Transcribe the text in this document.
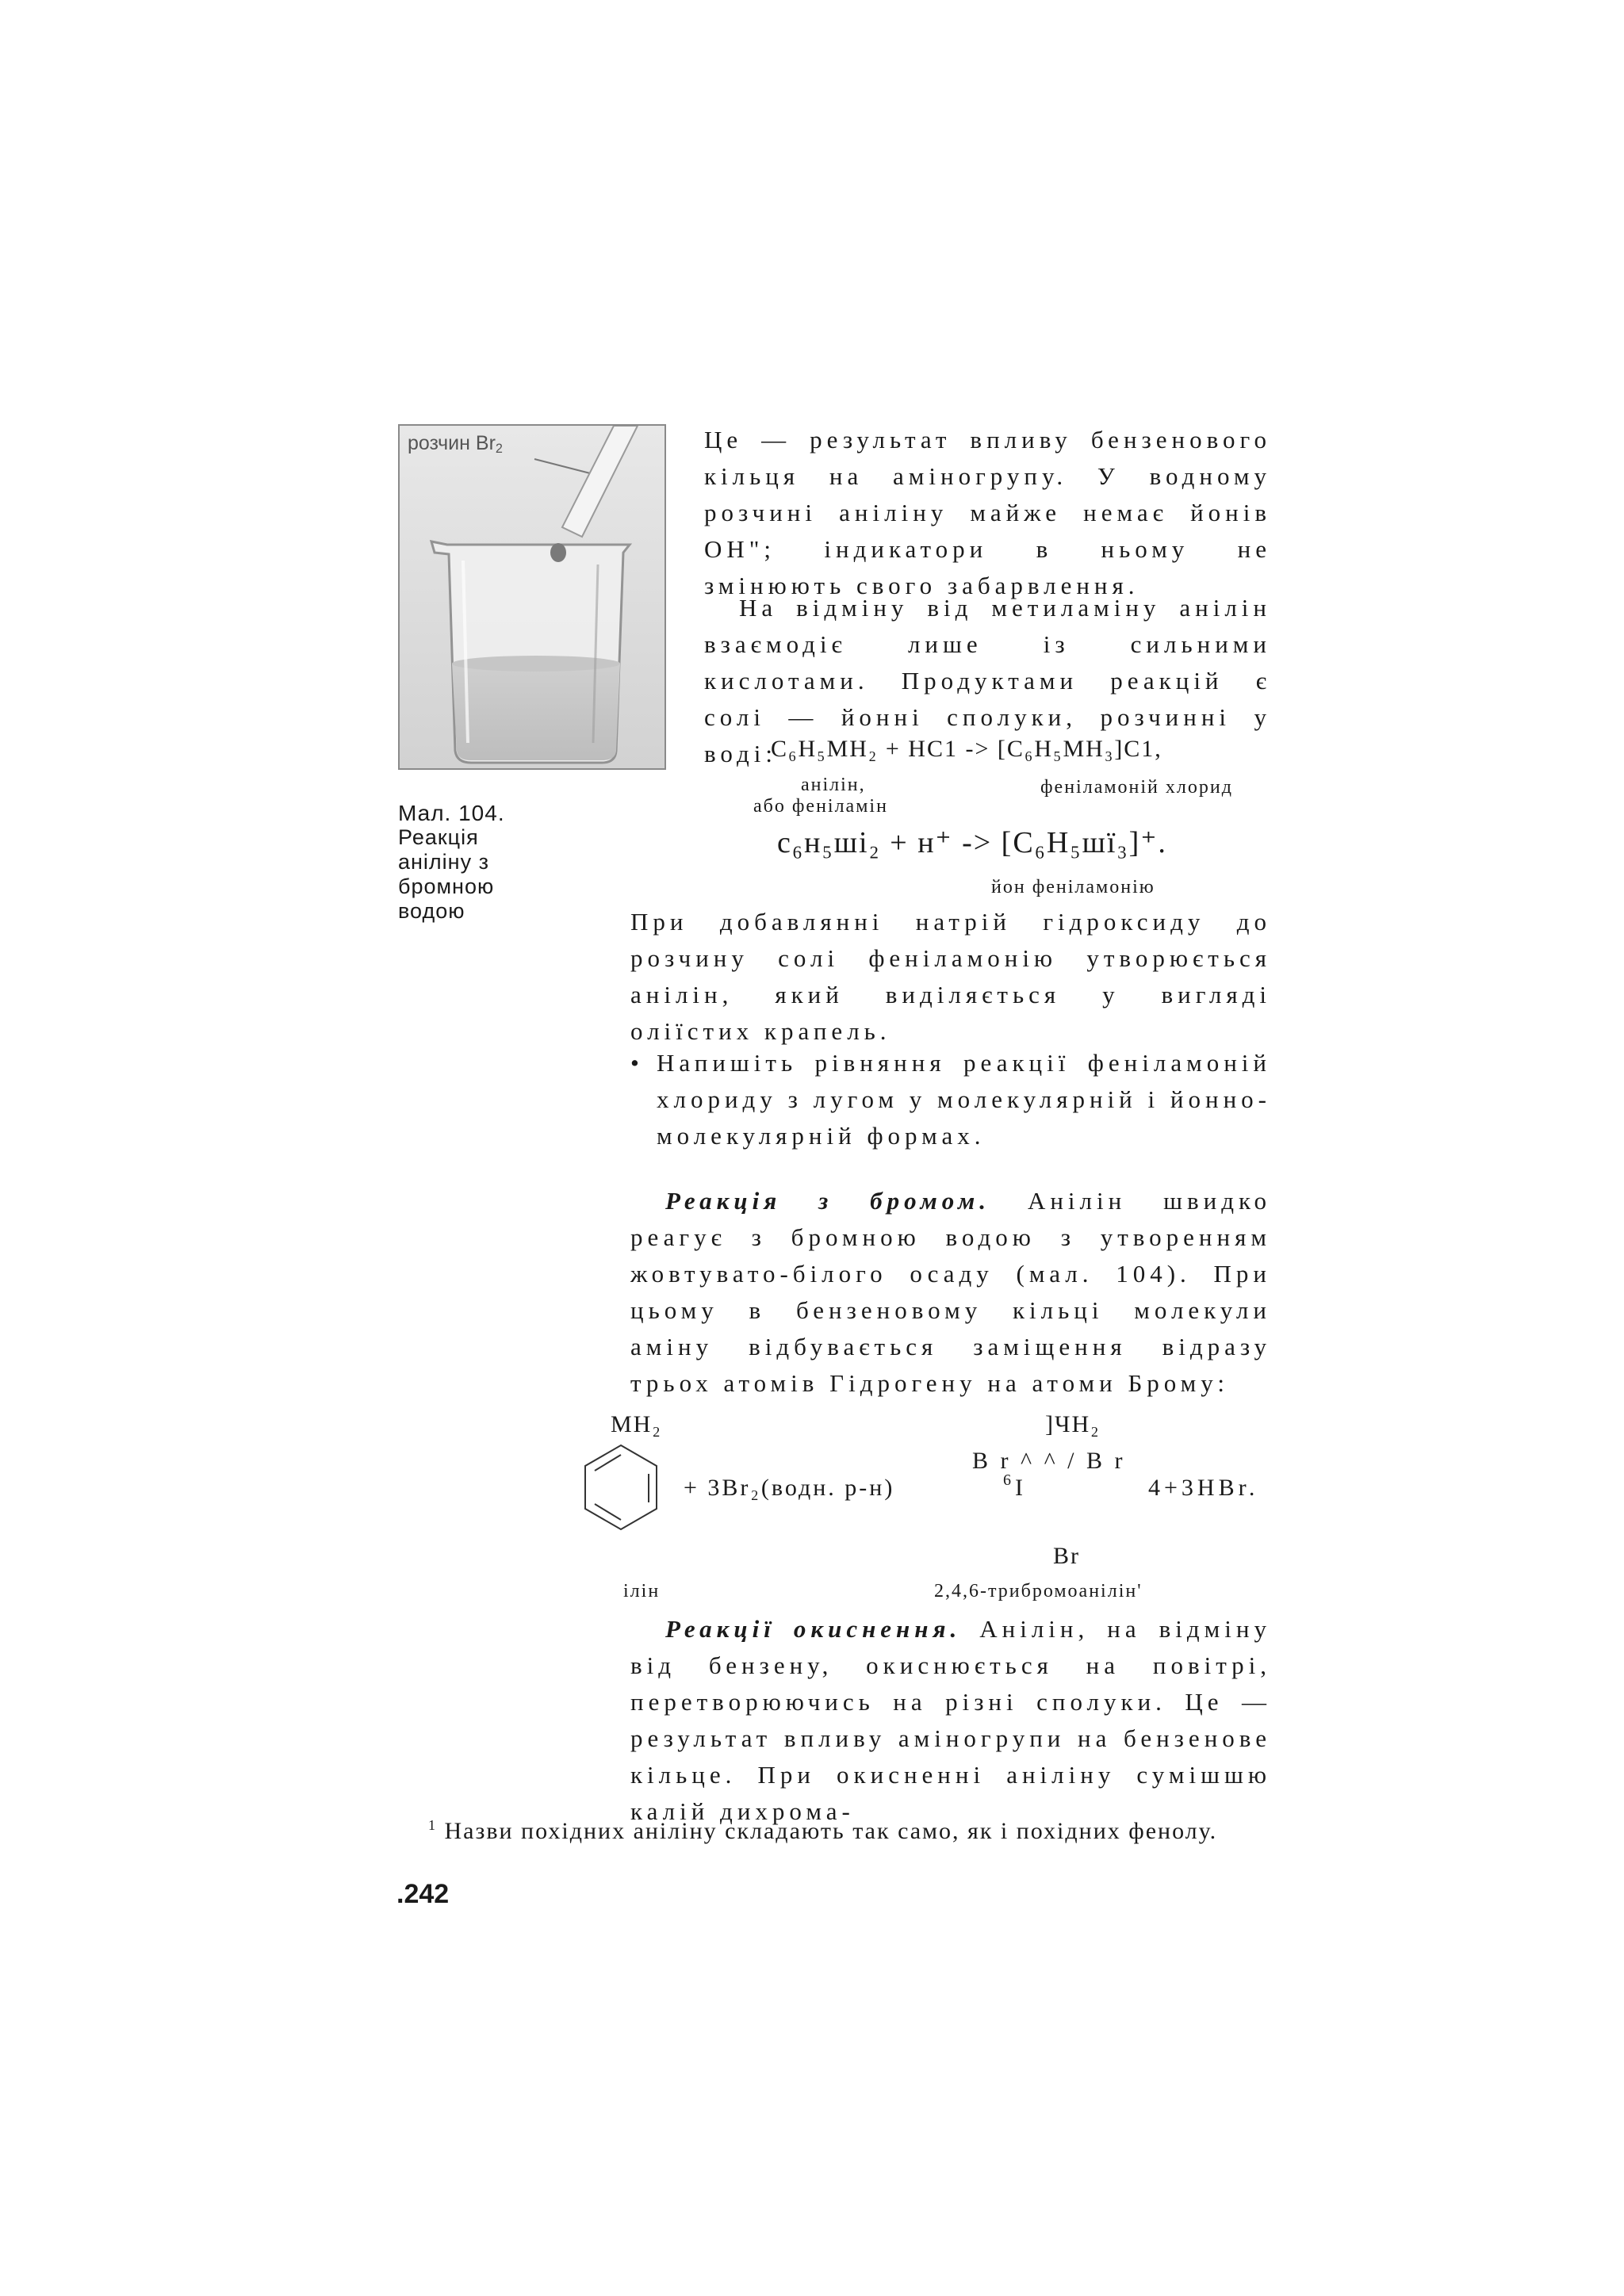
розчин $Br_2$
Мал. 104.
Реакція аніліну з бромною водою
Це — результат впливу бензенового кільця на аміногрупу. У водному розчині аніліну майже немає йонів ОН"; індикатори в ньому не змінюють свого забарвлення.
На відміну від метиламіну анілін взаємодіє лише із сильними кислотами. Продуктами реакцій є солі — йонні сполуки, розчинні у воді:
C₆H₅MH₂ + HC1 -> [C₆H₅MH₃]C1,
анілін,
або феніламін
феніламоній хлорид
с₆н₅шi₂ + н⁺ -> [C₆H₅шї₃]⁺.
йон феніламонію
При добавлянні натрій гідроксиду до розчину солі феніламонію утворюється анілін, який виділяється у вигляді оліїстих крапель.
• Напишіть рівняння реакції феніламоній хлориду з лугом у молекулярній і йонно-молекулярній формах.
Реакція з бромом. Анілін швидко реагує з бромною водою з утворенням жовтувато-білого осаду (мал. 104). При цьому в бензеновому кільці молекули аміну відбувається заміщення відразу трьох атомів Гідрогену на атоми Брому:
MH₂
+ 3Br₂(водн. р-н)
]ЧH₂
B r ^ ^ / B r
6 I	4+3HBr.
Br
ілін	2,4,6-трибромоанілін'
Реакції окиснення. Анілін, на відміну від бензену, окиснюється на повітрі, перетворюючись на різні сполуки. Це — результат впливу аміногрупи на бензенове кільце. При окисненні аніліну сумішшю калій дихрома-
$^1$ Назви похідних аніліну складають так само, як і похідних фенолу.
.242
